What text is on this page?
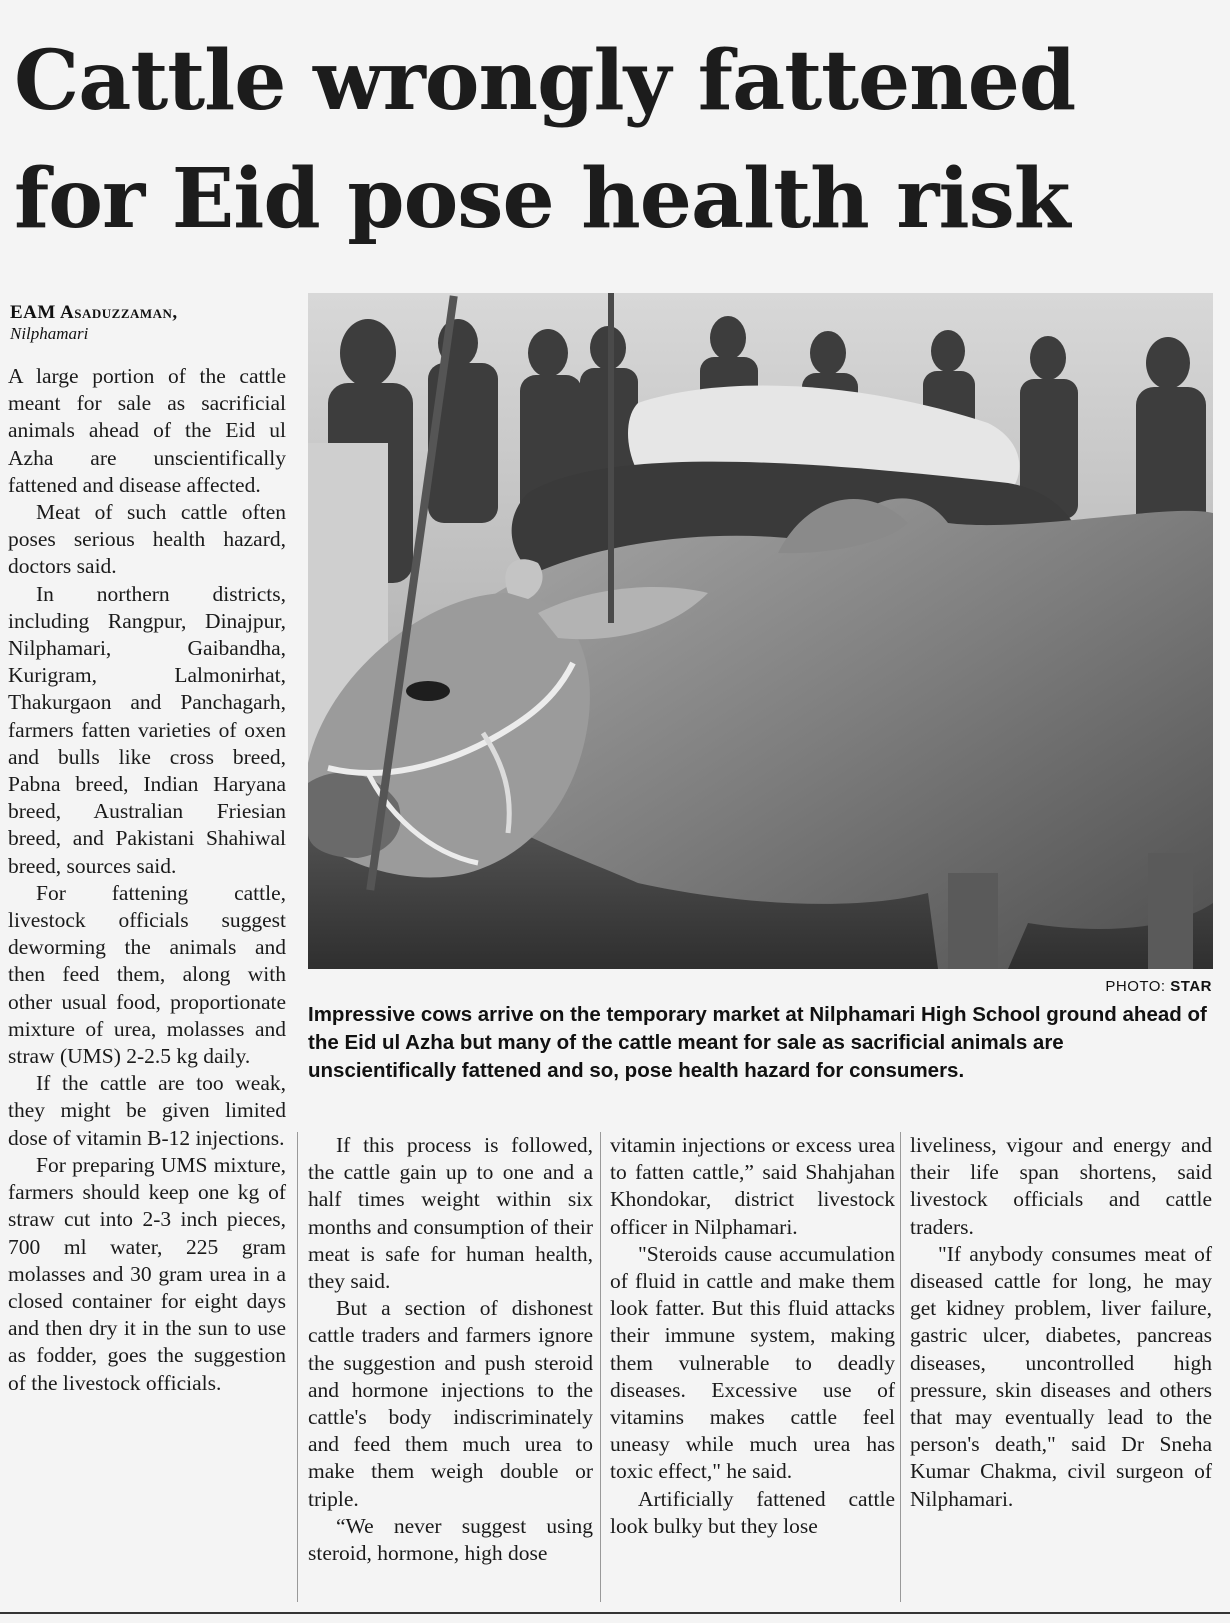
Cattle wrongly fattened
for Eid pose health risk
EAM Asaduzzaman,
Nilphamari

A large portion of the cattle meant for sale as sacrificial animals ahead of the Eid ul Azha are unscientifically fattened and disease affected.

Meat of such cattle often poses serious health hazard, doctors said.

In northern districts, including Rangpur, Dinajpur, Nilphamari, Gaibandha, Kurigram, Lalmonirhat, Thakurgaon and Panchagarh, farmers fatten varieties of oxen and bulls like cross breed, Pabna breed, Indian Haryana breed, Australian Friesian breed, and Pakistani Shahiwal breed, sources said.

For fattening cattle, livestock officials suggest deworming the animals and then feed them, along with other usual food, proportionate mixture of urea, molasses and straw (UMS) 2-2.5 kg daily.

If the cattle are too weak, they might be given limited dose of vitamin B-12 injections.

For preparing UMS mixture, farmers should keep one kg of straw cut into 2-3 inch pieces, 700 ml water, 225 gram molasses and 30 gram urea in a closed container for eight days and then dry it in the sun to use as fodder, goes the suggestion of the livestock officials.

PHOTO: STAR
Impressive cows arrive on the temporary market at Nilphamari High School ground ahead of the Eid ul Azha but many of the cattle meant for sale as sacrificial animals are unscientifically fattened and so, pose health hazard for consumers.

If this process is followed, the cattle gain up to one and a half times weight within six months and consumption of their meat is safe for human health, they said.

But a section of dishonest cattle traders and farmers ignore the suggestion and push steroid and hormone injections to the cattle's body indiscriminately and feed them much urea to make them weigh double or triple.

“We never suggest using steroid, hormone, high dose

vitamin injections or excess urea to fatten cattle,” said Shahjahan Khondokar, district livestock officer in Nilphamari.

"Steroids cause accumulation of fluid in cattle and make them look fatter. But this fluid attacks their immune system, making them vulnerable to deadly diseases. Excessive use of vitamins makes cattle feel uneasy while much urea has toxic effect," he said.

Artificially fattened cattle look bulky but they lose

liveliness, vigour and energy and their life span shortens, said livestock officials and cattle traders.

"If anybody consumes meat of diseased cattle for long, he may get kidney problem, liver failure, gastric ulcer, diabetes, pancreas diseases, uncontrolled high pressure, skin diseases and others that may eventually lead to the person's death," said Dr Sneha Kumar Chakma, civil surgeon of Nilphamari.
